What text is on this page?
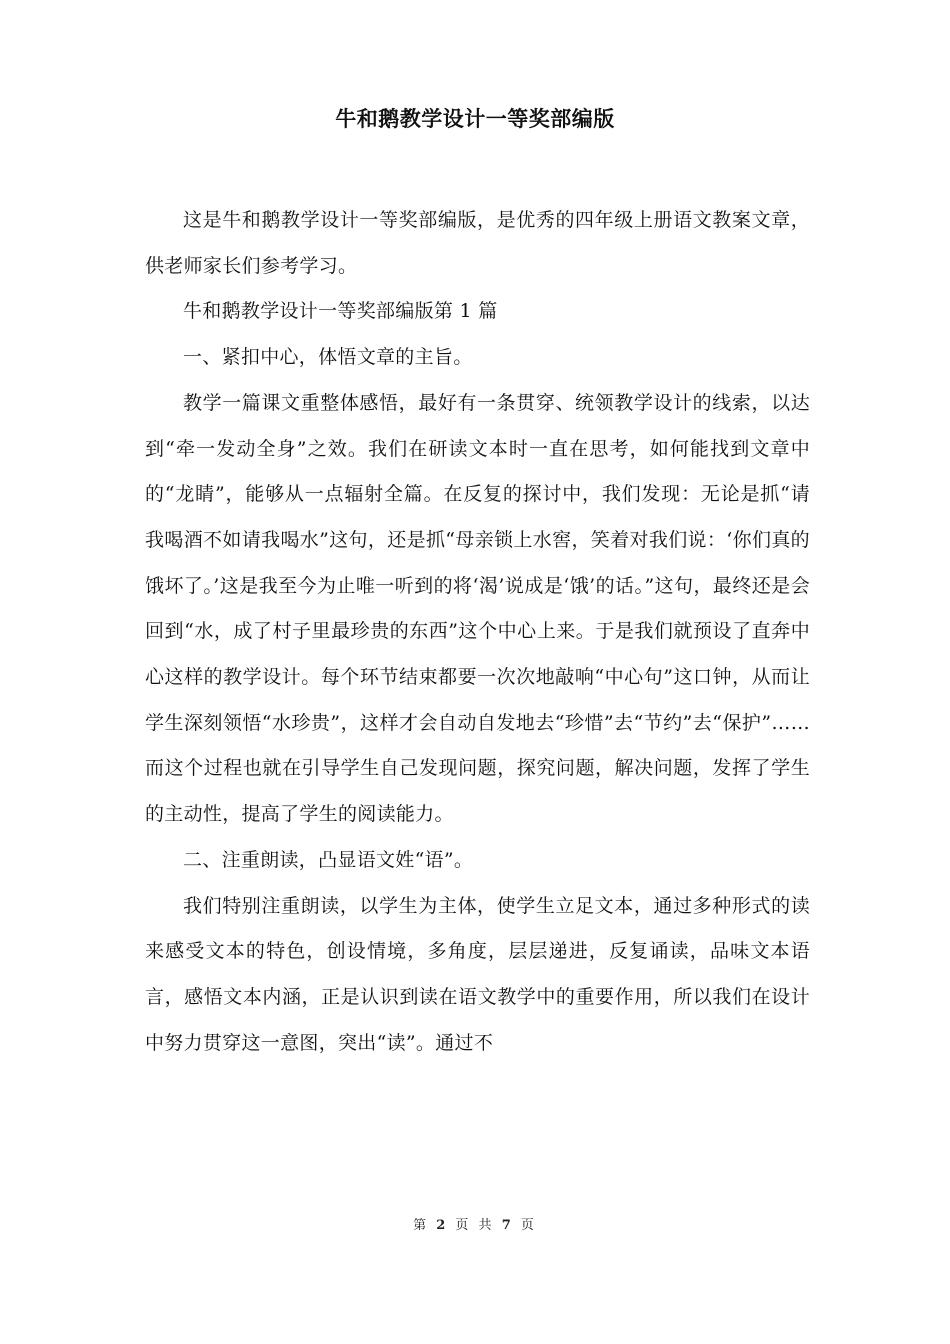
牛和鹅教学设计一等奖部编版

这是牛和鹅教学设计一等奖部编版，是优秀的四年级上册语文教案文章，供老师家长们参考学习。

牛和鹅教学设计一等奖部编版第 1 篇

一、紧扣中心，体悟文章的主旨。

教学一篇课文重整体感悟，最好有一条贯穿、统领教学设计的线索，以达到“牵一发动全身”之效。我们在研读文本时一直在思考，如何能找到文章中的“龙睛”，能够从一点辐射全篇。在反复的探讨中，我们发现：无论是抓“请我喝酒不如请我喝水”这句，还是抓“母亲锁上水窖，笑着对我们说：‘你们真的饿坏了。’这是我至今为止唯一听到的将‘渴’说成是‘饿’的话。”这句，最终还是会回到“水，成了村子里最珍贵的东西”这个中心上来。于是我们就预设了直奔中心这样的教学设计。每个环节结束都要一次次地敲响“中心句”这口钟，从而让学生深刻领悟“水珍贵”，这样才会自动自发地去“珍惜”去“节约”去“保护”……而这个过程也就在引导学生自己发现问题，探究问题，解决问题，发挥了学生的主动性，提高了学生的阅读能力。

二、注重朗读，凸显语文姓“语”。

我们特别注重朗读，以学生为主体，使学生立足文本，通过多种形式的读来感受文本的特色，创设情境，多角度，层层递进，反复诵读，品味文本语言，感悟文本内涵，正是认识到读在语文教学中的重要作用，所以我们在设计中努力贯穿这一意图，突出“读”。通过不

第 2 页 共 7 页
